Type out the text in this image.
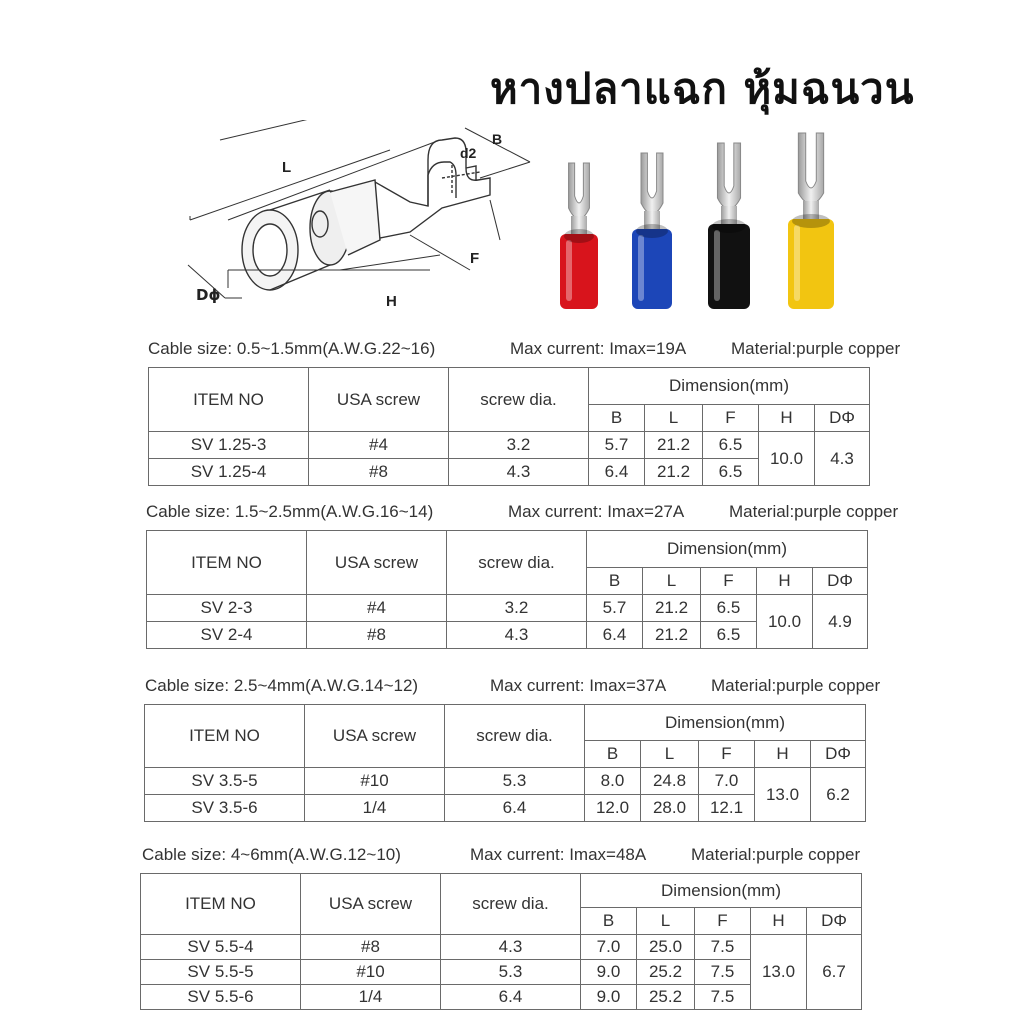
หางปลาแฉก หุ้มฉนวน
L
B
d2
F
H
Dϕ
Cable size: 0.5~1.5mm(A.W.G.22~16)	Max current: Imax=19A	Material:purple copper
ITEM NO	USA screw	screw dia.	Dimension(mm)				
			B	L	F	H	DΦ
SV 1.25-3	#4	3.2	5.7	21.2	6.5	10.0	4.3
SV 1.25-4	#8	4.3	6.4	21.2	6.5		
Cable size: 1.5~2.5mm(A.W.G.16~14)	Max current: Imax=27A	Material:purple copper
ITEM NO	USA screw	screw dia.	Dimension(mm)				
			B	L	F	H	DΦ
SV 2-3	#4	3.2	5.7	21.2	6.5	10.0	4.9
SV 2-4	#8	4.3	6.4	21.2	6.5		
Cable size: 2.5~4mm(A.W.G.14~12)	Max current: Imax=37A	Material:purple copper
ITEM NO	USA screw	screw dia.	Dimension(mm)				
			B	L	F	H	DΦ
SV 3.5-5	#10	5.3	8.0	24.8	7.0	13.0	6.2
SV 3.5-6	1/4	6.4	12.0	28.0	12.1		
Cable size: 4~6mm(A.W.G.12~10)	Max current: Imax=48A	Material:purple copper
ITEM NO	USA screw	screw dia.	Dimension(mm)				
			B	L	F	H	DΦ
SV 5.5-4	#8	4.3	7.0	25.0	7.5	13.0	6.7
SV 5.5-5	#10	5.3	9.0	25.2	7.5		
SV 5.5-6	1/4	6.4	9.0	25.2	7.5		
